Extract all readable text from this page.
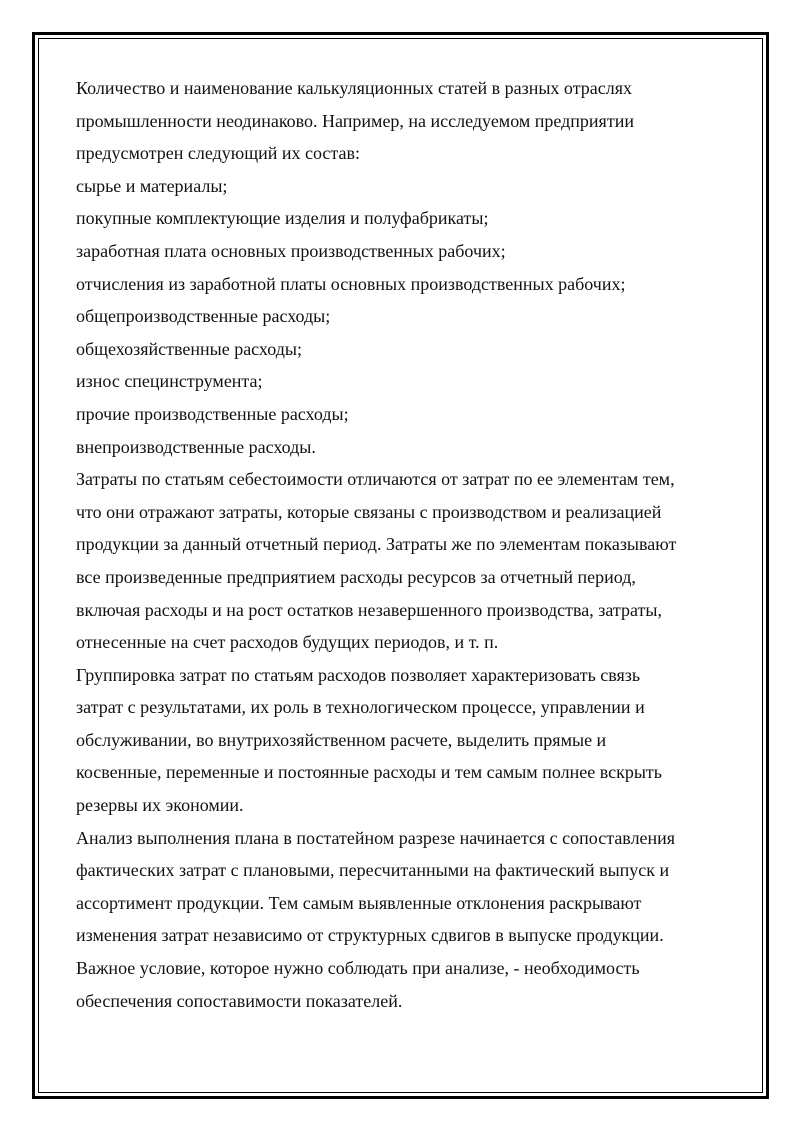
Количество и наименование калькуляционных статей в разных отраслях
промышленности неодинаково. Например, на исследуемом предприятии
предусмотрен следующий их состав:
сырье и материалы;
покупные комплектующие изделия и полуфабрикаты;
заработная плата основных производственных рабочих;
отчисления из заработной платы основных производственных рабочих;
общепроизводственные расходы;
общехозяйственные расходы;
износ специнструмента;
прочие производственные расходы;
внепроизводственные расходы.
Затраты по статьям себестоимости отличаются от затрат по ее элементам тем,
что они отражают затраты, которые связаны с производством и реализацией
продукции за данный отчетный период. Затраты же по элементам показывают
все произведенные предприятием расходы ресурсов за отчетный период,
включая расходы и на рост остатков незавершенного производства, затраты,
отнесенные на счет расходов будущих периодов, и т. п.
Группировка затрат по статьям расходов позволяет характеризовать связь
затрат с результатами, их роль в технологическом процессе, управлении и
обслуживании, во внутрихозяйственном расчете, выделить прямые и
косвенные, переменные и постоянные расходы и тем самым полнее вскрыть
резервы их экономии.
Анализ выполнения плана в постатейном разрезе начинается с сопоставления
фактических затрат с плановыми, пересчитанными на фактический выпуск и
ассортимент продукции. Тем самым выявленные отклонения раскрывают
изменения затрат независимо от структурных сдвигов в выпуске продукции.
Важное условие, которое нужно соблюдать при анализе, - необходимость
обеспечения сопоставимости показателей.
